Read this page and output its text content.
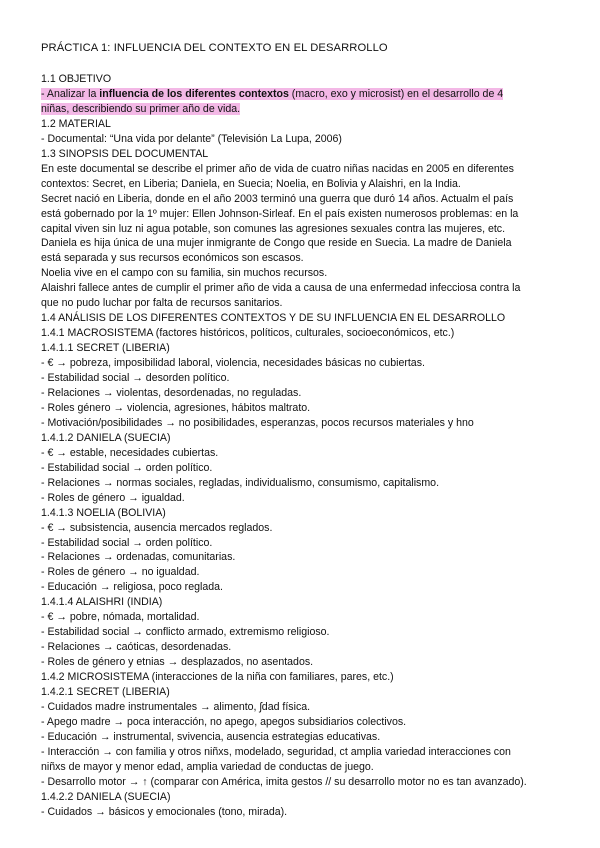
PRÁCTICA 1: INFLUENCIA DEL CONTEXTO EN EL DESARROLLO
1.1 OBJETIVO
- Analizar la influencia de los diferentes contextos (macro, exo y microsist) en el desarrollo de 4
niñas, describiendo su primer año de vida.
1.2 MATERIAL
- Documental: “Una vida por delante” (Televisión La Lupa, 2006)
1.3 SINOPSIS DEL DOCUMENTAL
En este documental se describe el primer año de vida de cuatro niñas nacidas en 2005 en diferentes
contextos: Secret, en Liberia; Daniela, en Suecia; Noelia, en Bolivia y Alaishri, en la India.
Secret nació en Liberia, donde en el año 2003 terminó una guerra que duró 14 años. Actualm el país
está gobernado por la 1º mujer: Ellen Johnson-Sirleaf. En el país existen numerosos problemas: en la
capital viven sin luz ni agua potable, son comunes las agresiones sexuales contra las mujeres, etc.
Daniela es hija única de una mujer inmigrante de Congo que reside en Suecia. La madre de Daniela
está separada y sus recursos económicos son escasos.
Noelia vive en el campo con su familia, sin muchos recursos.
Alaishri fallece antes de cumplir el primer año de vida a causa de una enfermedad infecciosa contra la
que no pudo luchar por falta de recursos sanitarios.
1.4 ANÁLISIS DE LOS DIFERENTES CONTEXTOS Y DE SU INFLUENCIA EN EL DESARROLLO
1.4.1 MACROSISTEMA (factores históricos, políticos, culturales, socioeconómicos, etc.)
1.4.1.1 SECRET (LIBERIA)
- € → pobreza, imposibilidad laboral, violencia, necesidades básicas no cubiertas.
- Estabilidad social → desorden político.
- Relaciones → violentas, desordenadas, no reguladas.
- Roles género → violencia, agresiones, hábitos maltrato.
- Motivación/posibilidades → no posibilidades, esperanzas, pocos recursos materiales y hno
1.4.1.2 DANIELA (SUECIA)
- € → estable, necesidades cubiertas.
- Estabilidad social → orden político.
- Relaciones → normas sociales, regladas, individualismo, consumismo, capitalismo.
- Roles de género → igualdad.
1.4.1.3 NOELIA (BOLIVIA)
- € → subsistencia, ausencia mercados reglados.
- Estabilidad social → orden político.
- Relaciones → ordenadas, comunitarias.
- Roles de género → no igualdad.
- Educación → religiosa, poco reglada.
1.4.1.4 ALAISHRI (INDIA)
- € → pobre, nómada, mortalidad.
- Estabilidad social → conflicto armado, extremismo religioso.
- Relaciones → caóticas, desordenadas.
- Roles de género y etnias → desplazados, no asentados.
1.4.2 MICROSISTEMA (interacciones de la niña con familiares, pares, etc.)
1.4.2.1 SECRET (LIBERIA)
- Cuidados madre instrumentales → alimento, ʃdad física.
- Apego madre → poca interacción, no apego, apegos subsidiarios colectivos.
- Educación → instrumental, svivencia, ausencia estrategias educativas.
- Interacción → con familia y otros niñxs, modelado, seguridad, ct amplia variedad interacciones con
niñxs de mayor y menor edad, amplia variedad de conductas de juego.
- Desarrollo motor → ↑ (comparar con América, imita gestos // su desarrollo motor no es tan avanzado).
1.4.2.2 DANIELA (SUECIA)
- Cuidados → básicos y emocionales (tono, mirada).
